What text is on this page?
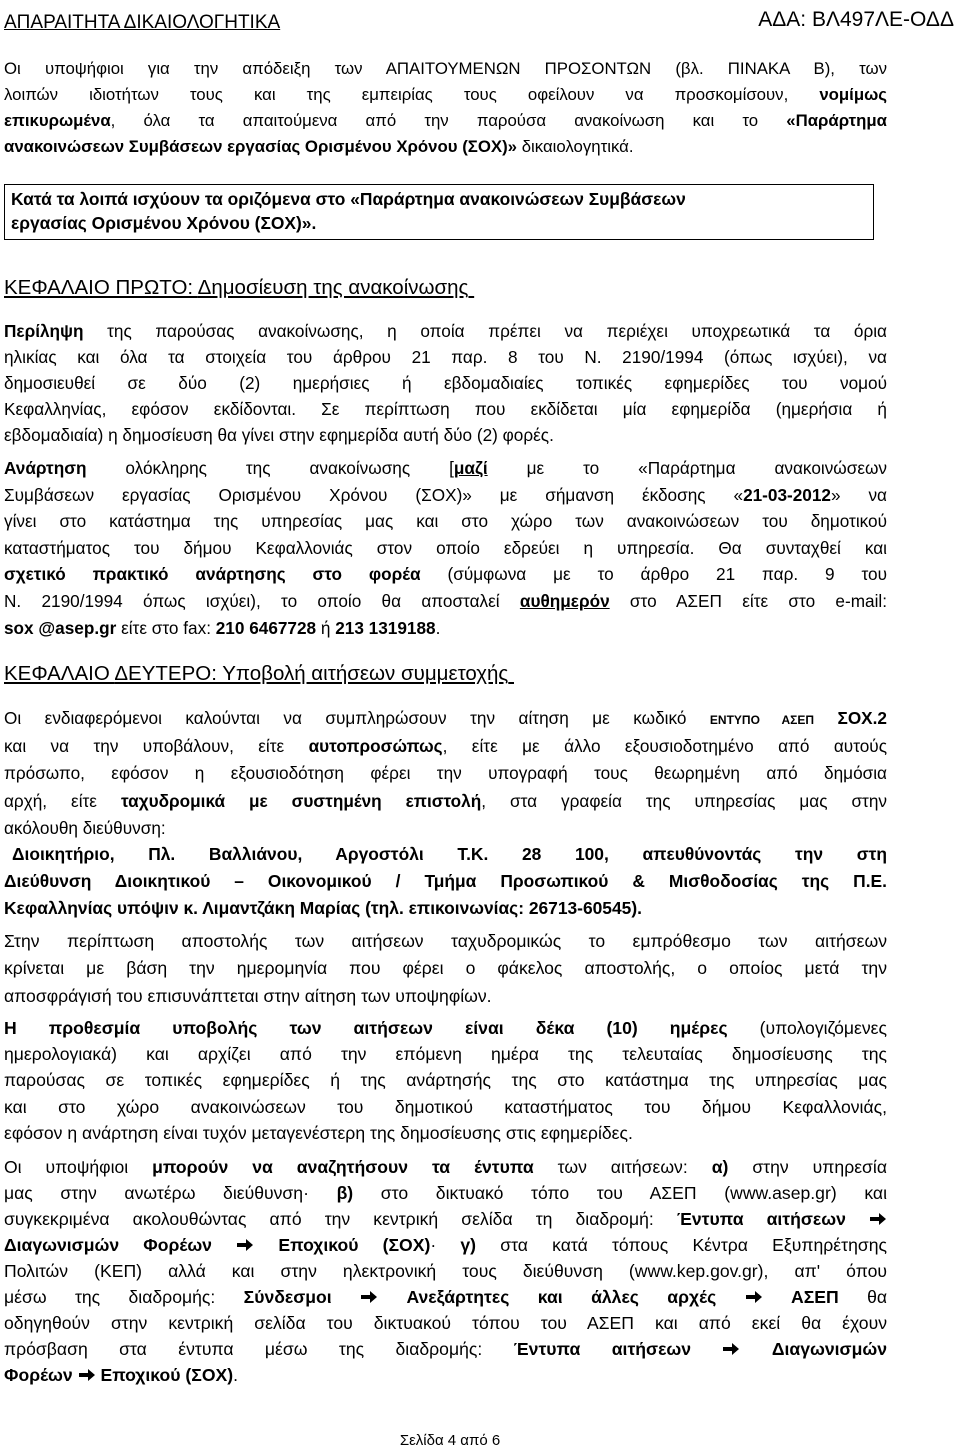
ΑΠΑΡΑΙΤΗΤΑ ΔΙΚΑΙΟΛΟΓΗΤΙΚΑ	ΑΔΑ: ΒΛ497ΛΕ-ΟΔΔ
Οι υποψήφιοι για την απόδειξη των ΑΠΑΙΤΟΥΜΕΝΩΝ ΠΡΟΣΟΝΤΩΝ (βλ. ΠΙΝΑΚΑ Β), των
λοιπών ιδιοτήτων τους και της εμπειρίας τους οφείλουν να προσκομίσουν, νομίμως
επικυρωμένα, όλα τα απαιτούμενα από την παρούσα ανακοίνωση και το «Παράρτημα
ανακοινώσεων Συμβάσεων εργασίας Ορισμένου Χρόνου (ΣΟΧ)» δικαιολογητικά.
Κατά τα λοιπά ισχύουν τα οριζόμενα στο «Παράρτημα ανακοινώσεων Συμβάσεων
εργασίας Ορισμένου Χρόνου (ΣΟΧ)».
ΚΕΦΑΛΑΙΟ ΠΡΩΤΟ: Δημοσίευση της ανακοίνωσης
Περίληψη της παρούσας ανακοίνωσης, η οποία πρέπει να περιέχει υποχρεωτικά τα όρια
ηλικίας και όλα τα στοιχεία του άρθρου 21 παρ. 8 του Ν. 2190/1994 (όπως ισχύει), να
δημοσιευθεί σε δύο (2) ημερήσιες ή εβδομαδιαίες τοπικές εφημερίδες του νομού
Κεφαλληνίας, εφόσον εκδίδονται. Σε περίπτωση που εκδίδεται μία εφημερίδα (ημερήσια ή
εβδομαδιαία) η δημοσίευση θα γίνει στην εφημερίδα αυτή δύο (2) φορές.
Ανάρτηση ολόκληρης της ανακοίνωσης [μαζί με το «Παράρτημα ανακοινώσεων
Συμβάσεων εργασίας Ορισμένου Χρόνου (ΣΟΧ)» με σήμανση έκδοσης «21-03-2012» να
γίνει στο κατάστημα της υπηρεσίας μας και στο χώρο των ανακοινώσεων του δημοτικού
καταστήματος του δήμου Κεφαλλονιάς στον οποίο εδρεύει η υπηρεσία. Θα συνταχθεί και
σχετικό πρακτικό ανάρτησης στο φορέα (σύμφωνα με το άρθρο 21 παρ. 9 του
Ν. 2190/1994 όπως ισχύει), το οποίο θα αποσταλεί αυθημερόν στο ΑΣΕΠ είτε στο e-mail:
sox @asep.gr είτε στο fax: 210 6467728 ή 213 1319188.
ΚΕΦΑΛΑΙΟ ΔΕΥΤΕΡΟ: Υποβολή αιτήσεων συμμετοχής
Οι ενδιαφερόμενοι καλούνται να συμπληρώσουν την αίτηση με κωδικό ΕΝΤΥΠΟ ΑΣΕΠ ΣΟΧ.2
και να την υποβάλουν, είτε αυτοπροσώπως, είτε με άλλο εξουσιοδοτημένο από αυτούς
πρόσωπο, εφόσον η εξουσιοδότηση φέρει την υπογραφή τους θεωρημένη από δημόσια
αρχή, είτε ταχυδρομικά με συστημένη επιστολή, στα γραφεία της υπηρεσίας μας στην
ακόλουθη διεύθυνση:
Διοικητήριο, Πλ. Βαλλιάνου, Αργοστόλι Τ.Κ. 28 100, απευθύνοντάς την στη
Διεύθυνση Διοικητικού – Οικονομικού / Τμήμα Προσωπικού & Μισθοδοσίας της Π.Ε.
Κεφαλληνίας υπόψιν κ. Λιμαντζάκη Μαρίας (τηλ. επικοινωνίας: 26713-60545).
Στην περίπτωση αποστολής των αιτήσεων ταχυδρομικώς το εμπρόθεσμο των αιτήσεων
κρίνεται με βάση την ημερομηνία που φέρει ο φάκελος αποστολής, ο οποίος μετά την
αποσφράγισή του επισυνάπτεται στην αίτηση των υποψηφίων.
Η προθεσμία υποβολής των αιτήσεων είναι δέκα (10) ημέρες (υπολογιζόμενες
ημερολογιακά) και αρχίζει από την επόμενη ημέρα της τελευταίας δημοσίευσης της
παρούσας σε τοπικές εφημερίδες ή της ανάρτησής της στο κατάστημα της υπηρεσίας μας
και στο χώρο ανακοινώσεων του δημοτικού καταστήματος του δήμου Κεφαλλονιάς,
εφόσον η ανάρτηση είναι τυχόν μεταγενέστερη της δημοσίευσης στις εφημερίδες.
Οι υποψήφιοι μπορούν να αναζητήσουν τα έντυπα των αιτήσεων: α) στην υπηρεσία
μας στην ανωτέρω διεύθυνση· β) στο δικτυακό τόπο του ΑΣΕΠ (www.asep.gr) και
συγκεκριμένα ακολουθώντας από την κεντρική σελίδα τη διαδρομή: Έντυπα αιτήσεων
Διαγωνισμών Φορέων	Εποχικού (ΣΟΧ)· γ) στα κατά τόπους Κέντρα Εξυπηρέτησης
Πολιτών (ΚΕΠ) αλλά και στην ηλεκτρονική τους διεύθυνση (www.kep.gov.gr), απ' όπου
μέσω της διαδρομής: Σύνδεσμοι	Ανεξάρτητες και άλλες αρχές	ΑΣΕΠ θα
οδηγηθούν στην κεντρική σελίδα του δικτυακού τόπου του ΑΣΕΠ και από εκεί θα έχουν
πρόσβαση στα έντυπα μέσω της διαδρομής: Έντυπα αιτήσεων	Διαγωνισμών
Φορέων Εποχικού (ΣΟΧ).
Σελίδα 4 από 6
